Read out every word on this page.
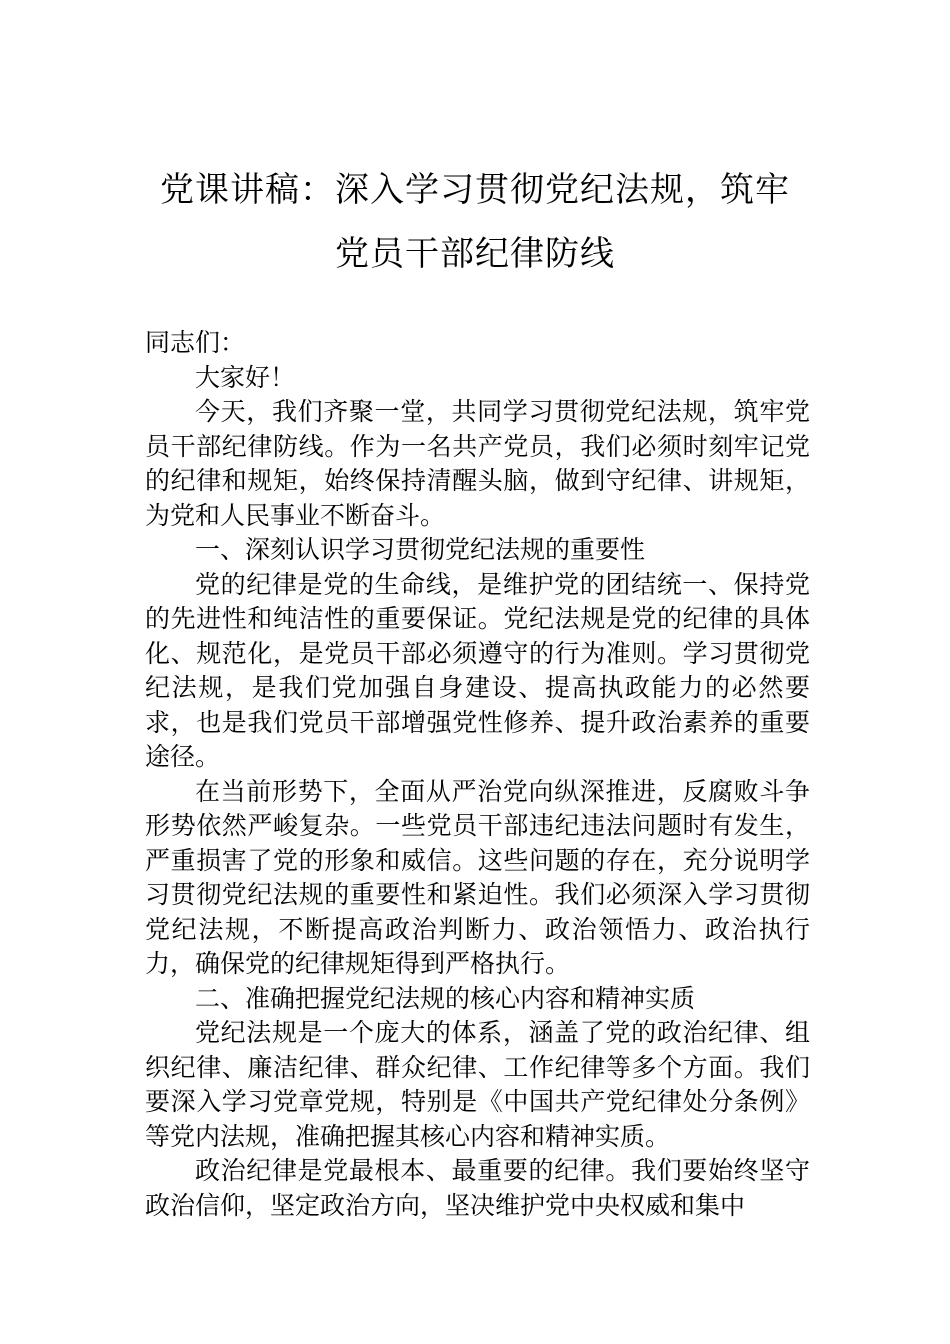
党课讲稿：深入学习贯彻党纪法规，筑牢
党员干部纪律防线

同志们：

大家好！

今天，我们齐聚一堂，共同学习贯彻党纪法规，筑牢党员干部纪律防线。作为一名共产党员，我们必须时刻牢记党的纪律和规矩，始终保持清醒头脑，做到守纪律、讲规矩，为党和人民事业不断奋斗。

一、深刻认识学习贯彻党纪法规的重要性

党的纪律是党的生命线，是维护党的团结统一、保持党的先进性和纯洁性的重要保证。党纪法规是党的纪律的具体化、规范化，是党员干部必须遵守的行为准则。学习贯彻党纪法规，是我们党加强自身建设、提高执政能力的必然要求，也是我们党员干部增强党性修养、提升政治素养的重要途径。

在当前形势下，全面从严治党向纵深推进，反腐败斗争形势依然严峻复杂。一些党员干部违纪违法问题时有发生，严重损害了党的形象和威信。这些问题的存在，充分说明学习贯彻党纪法规的重要性和紧迫性。我们必须深入学习贯彻党纪法规，不断提高政治判断力、政治领悟力、政治执行力，确保党的纪律规矩得到严格执行。

二、准确把握党纪法规的核心内容和精神实质

党纪法规是一个庞大的体系，涵盖了党的政治纪律、组织纪律、廉洁纪律、群众纪律、工作纪律等多个方面。我们要深入学习党章党规，特别是《中国共产党纪律处分条例》等党内法规，准确把握其核心内容和精神实质。

政治纪律是党最根本、最重要的纪律。我们要始终坚守政治信仰，坚定政治方向，坚决维护党中央权威和集中
